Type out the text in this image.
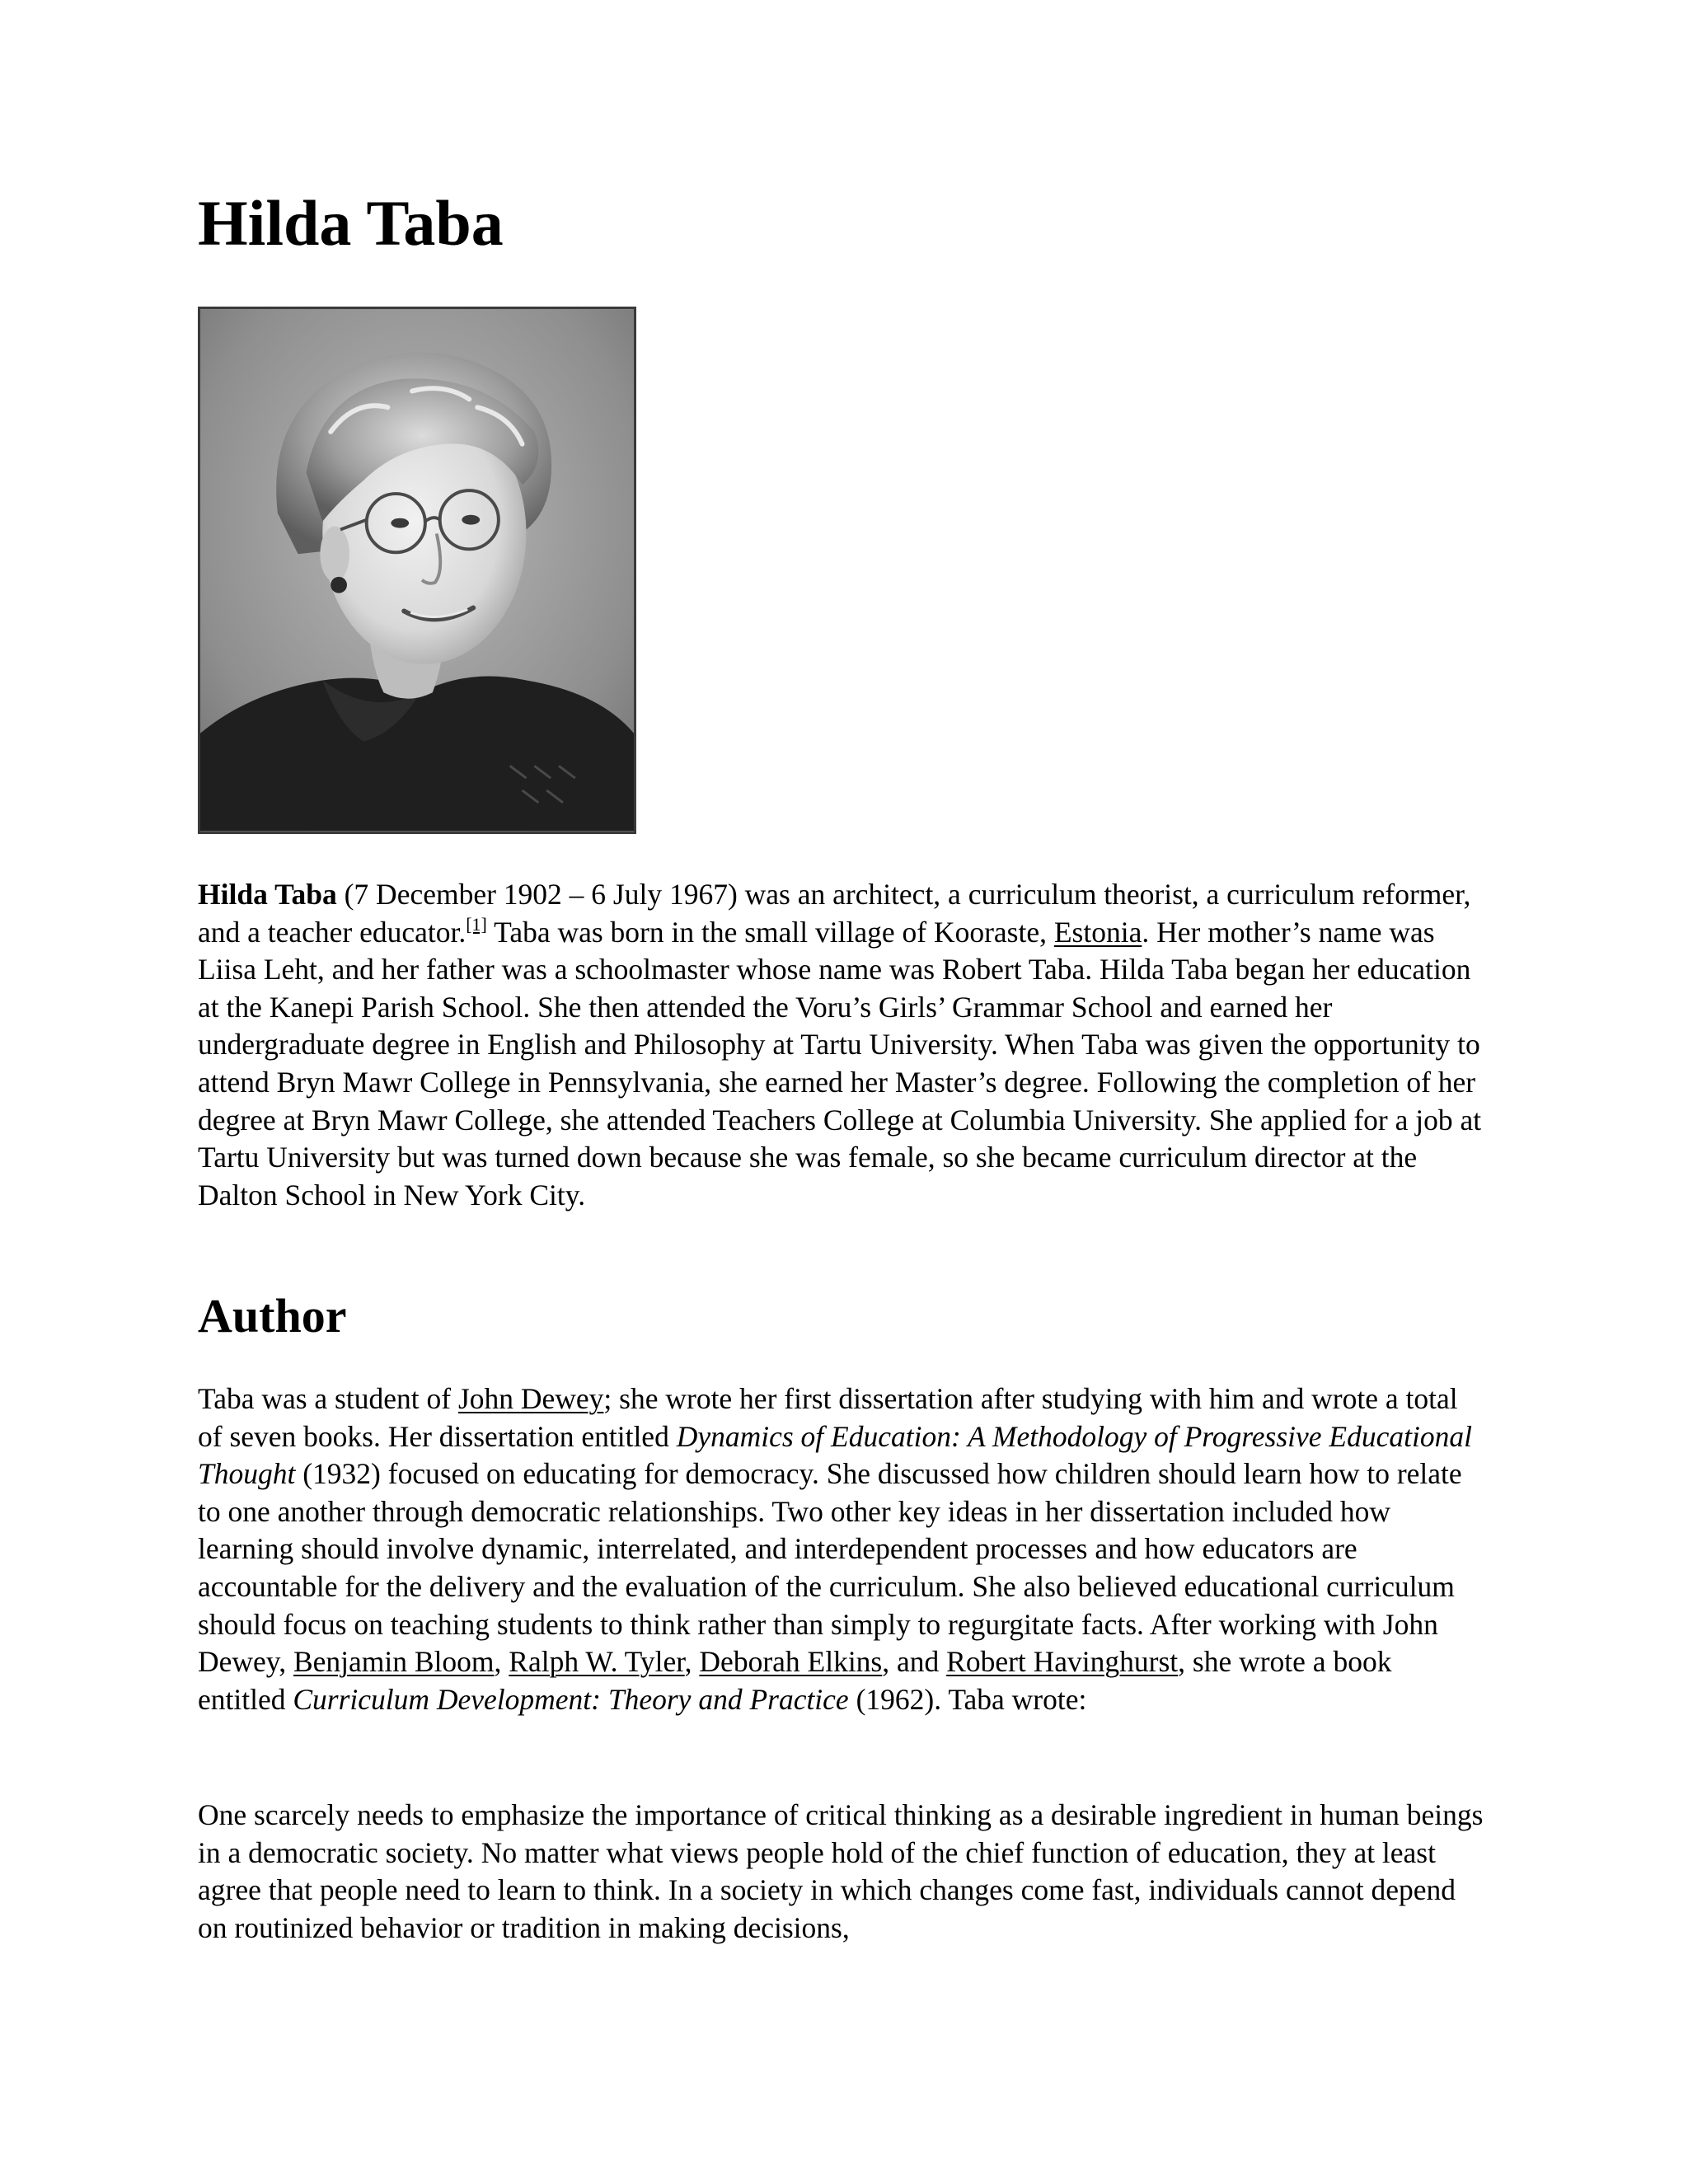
Hilda Taba

Hilda Taba (7 December 1902 – 6 July 1967) was an architect, a curriculum theorist, a curriculum reformer, and a teacher educator.[1] Taba was born in the small village of Kooraste, Estonia. Her mother’s name was Liisa Leht, and her father was a schoolmaster whose name was Robert Taba. Hilda Taba began her education at the Kanepi Parish School. She then attended the Voru’s Girls’ Grammar School and earned her undergraduate degree in English and Philosophy at Tartu University. When Taba was given the opportunity to attend Bryn Mawr College in Pennsylvania, she earned her Master’s degree. Following the completion of her degree at Bryn Mawr College, she attended Teachers College at Columbia University. She applied for a job at Tartu University but was turned down because she was female, so she became curriculum director at the Dalton School in New York City.

Author

Taba was a student of John Dewey; she wrote her first dissertation after studying with him and wrote a total of seven books. Her dissertation entitled Dynamics of Education: A Methodology of Progressive Educational Thought (1932) focused on educating for democracy. She discussed how children should learn how to relate to one another through democratic relationships. Two other key ideas in her dissertation included how learning should involve dynamic, interrelated, and interdependent processes and how educators are accountable for the delivery and the evaluation of the curriculum. She also believed educational curriculum should focus on teaching students to think rather than simply to regurgitate facts. After working with John Dewey, Benjamin Bloom, Ralph W. Tyler, Deborah Elkins, and Robert Havinghurst, she wrote a book entitled Curriculum Development: Theory and Practice (1962). Taba wrote:

One scarcely needs to emphasize the importance of critical thinking as a desirable ingredient in human beings in a democratic society. No matter what views people hold of the chief function of education, they at least agree that people need to learn to think. In a society in which changes come fast, individuals cannot depend on routinized behavior or tradition in making decisions,
